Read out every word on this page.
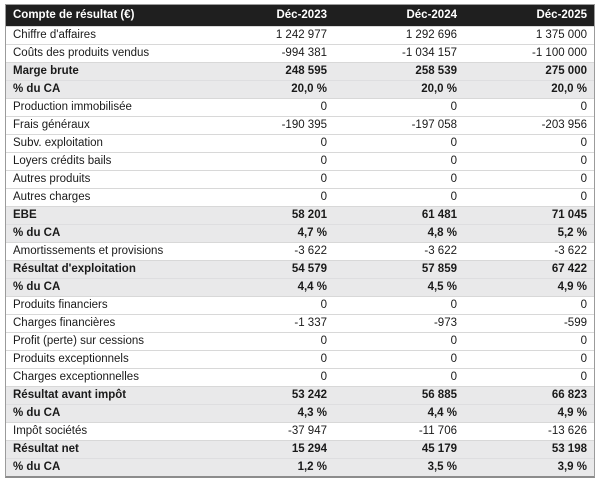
Compte de résultat (€)	Déc-2023	Déc-2024	Déc-2025
Chiffre d'affaires	1 242 977	1 292 696	1 375 000
Coûts des produits vendus	-994 381	-1 034 157	-1 100 000
Marge brute	248 595	258 539	275 000
% du CA	20,0 %	20,0 %	20,0 %
Production immobilisée	0	0	0
Frais généraux	-190 395	-197 058	-203 956
Subv. exploitation	0	0	0
Loyers crédits bails	0	0	0
Autres produits	0	0	0
Autres charges	0	0	0
EBE	58 201	61 481	71 045
% du CA	4,7 %	4,8 %	5,2 %
Amortissements et provisions	-3 622	-3 622	-3 622
Résultat d'exploitation	54 579	57 859	67 422
% du CA	4,4 %	4,5 %	4,9 %
Produits financiers	0	0	0
Charges financières	-1 337	-973	-599
Profit (perte) sur cessions	0	0	0
Produits exceptionnels	0	0	0
Charges exceptionnelles	0	0	0
Résultat avant impôt	53 242	56 885	66 823
% du CA	4,3 %	4,4 %	4,9 %
Impôt sociétés	-37 947	-11 706	-13 626
Résultat net	15 294	45 179	53 198
% du CA	1,2 %	3,5 %	3,9 %
